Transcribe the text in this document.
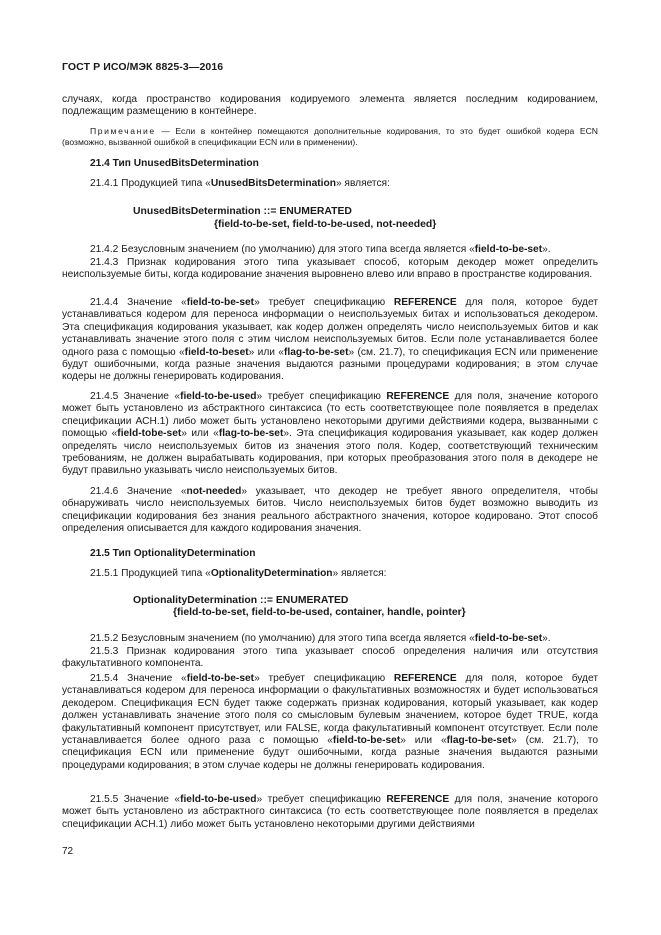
ГОСТ Р ИСО/МЭК 8825-3—2016
случаях, когда пространство кодирования кодируемого элемента является последним кодированием, подлежащим размещению в контейнере.
Примечание — Если в контейнер помещаются дополнительные кодирования, то это будет ошибкой кодера ECN (возможно, вызванной ошибкой в спецификации ECN или в применении).
21.4 Тип UnusedBitsDetermination
21.4.1 Продукцией типа «UnusedBitsDetermination» является:
UnusedBitsDetermination ::= ENUMERATED
{field-to-be-set, field-to-be-used, not-needed}
21.4.2 Безусловным значением (по умолчанию) для этого типа всегда является «field-to-be-set».
21.4.3 Признак кодирования этого типа указывает способ, которым декодер может определить неиспользуемые биты, когда кодирование значения выровнено влево или вправо в пространстве кодирования.
21.4.4 Значение «field-to-be-set» требует спецификацию REFERENCE для поля, которое будет устанавливаться кодером для переноса информации о неиспользуемых битах и использоваться декодером. Эта спецификация кодирования указывает, как кодер должен определять число неиспользуемых битов и как устанавливать значение этого поля с этим числом неиспользуемых битов. Если поле устанавливается более одного раза с помощью «field-to-beset» или «flag-to-be-set» (см. 21.7), то спецификация ECN или применение будут ошибочными, когда разные значения выдаются разными процедурами кодирования; в этом случае кодеры не должны генерировать кодирования.
21.4.5 Значение «field-to-be-used» требует спецификацию REFERENCE для поля, значение которого может быть установлено из абстрактного синтаксиса (то есть соответствующее поле появляется в пределах спецификации АСН.1) либо может быть установлено некоторыми другими действиями кодера, вызванными с помощью «field-tobe-set» или «flag-to-be-set». Эта спецификация кодирования указывает, как кодер должен определять число неиспользуемых битов из значения этого поля. Кодер, соответствующий техническим требованиям, не должен вырабатывать кодирования, при которых преобразования этого поля в декодере не будут правильно указывать число неиспользуемых битов.
21.4.6 Значение «not-needed» указывает, что декодер не требует явного определителя, чтобы обнаруживать число неиспользуемых битов. Число неиспользуемых битов будет возможно выводить из спецификации кодирования без знания реального абстрактного значения, которое кодировано. Этот способ определения описывается для каждого кодирования значения.
21.5 Тип OptionalityDetermination
21.5.1 Продукцией типа «OptionalityDetermination» является:
OptionalityDetermination ::= ENUMERATED
{field-to-be-set, field-to-be-used, container, handle, pointer}
21.5.2 Безусловным значением (по умолчанию) для этого типа всегда является «field-to-be-set».
21.5.3 Признак кодирования этого типа указывает способ определения наличия или отсутствия факультативного компонента.
21.5.4 Значение «field-to-be-set» требует спецификацию REFERENCE для поля, которое будет устанавливаться кодером для переноса информации о факультативных возможностях и будет использоваться декодером. Спецификация ECN будет также содержать признак кодирования, который указывает, как кодер должен устанавливать значение этого поля со смысловым булевым значением, которое будет TRUE, когда факультативный компонент присутствует, или FALSE, когда факультативный компонент отсутствует. Если поле устанавливается более одного раза с помощью «field-to-be-set» или «flag-to-be-set» (см. 21.7), то спецификация ECN или применение будут ошибочными, когда разные значения выдаются разными процедурами кодирования; в этом случае кодеры не должны генерировать кодирования.
21.5.5 Значение «field-to-be-used» требует спецификацию REFERENCE для поля, значение которого может быть установлено из абстрактного синтаксиса (то есть соответствующее поле появляется в пределах спецификации АСН.1) либо может быть установлено некоторыми другими действиями
72
